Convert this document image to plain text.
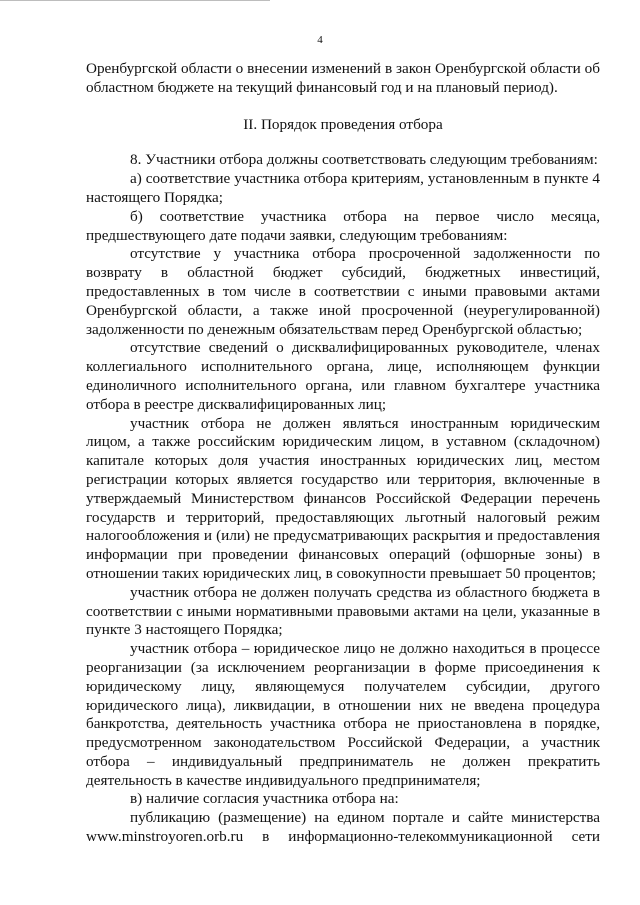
4

Оренбургской области о внесении изменений в закон Оренбургской области об областном бюджете на текущий финансовый год и на плановый период).

II. Порядок проведения отбора

8. Участники отбора должны соответствовать следующим требованиям:

а) соответствие участника отбора критериям, установленным в пункте 4 настоящего Порядка;

б) соответствие участника отбора на первое число месяца, предшествующего дате подачи заявки, следующим требованиям:

отсутствие у участника отбора просроченной задолженности по возврату в областной бюджет субсидий, бюджетных инвестиций, предоставленных в том числе в соответствии с иными правовыми актами Оренбургской области, а также иной просроченной (неурегулированной) задолженности по денежным обязательствам перед Оренбургской областью;

отсутствие сведений о дисквалифицированных руководителе, членах коллегиального исполнительного органа, лице, исполняющем функции единоличного исполнительного органа, или главном бухгалтере участника отбора в реестре дисквалифицированных лиц;

участник отбора не должен являться иностранным юридическим лицом, а также российским юридическим лицом, в уставном (складочном) капитале которых доля участия иностранных юридических лиц, местом регистрации которых является государство или территория, включенные в утверждаемый Министерством финансов Российской Федерации перечень государств и территорий, предоставляющих льготный налоговый режим налогообложения и (или) не предусматривающих раскрытия и предоставления информации при проведении финансовых операций (офшорные зоны) в отношении таких юридических лиц, в совокупности превышает 50 процентов;

участник отбора не должен получать средства из областного бюджета в соответствии с иными нормативными правовыми актами на цели, указанные в пункте 3 настоящего Порядка;

участник отбора – юридическое лицо не должно находиться в процессе реорганизации (за исключением реорганизации в форме присоединения к юридическому лицу, являющемуся получателем субсидии, другого юридического лица), ликвидации, в отношении них не введена процедура банкротства, деятельность участника отбора не приостановлена в порядке, предусмотренном законодательством Российской Федерации, а участник отбора – индивидуальный предприниматель не должен прекратить деятельность в качестве индивидуального предпринимателя;

в) наличие согласия участника отбора на:

публикацию (размещение) на едином портале и сайте министерства www.minstroyoren.orb.ru в информационно-телекоммуникационной сети
